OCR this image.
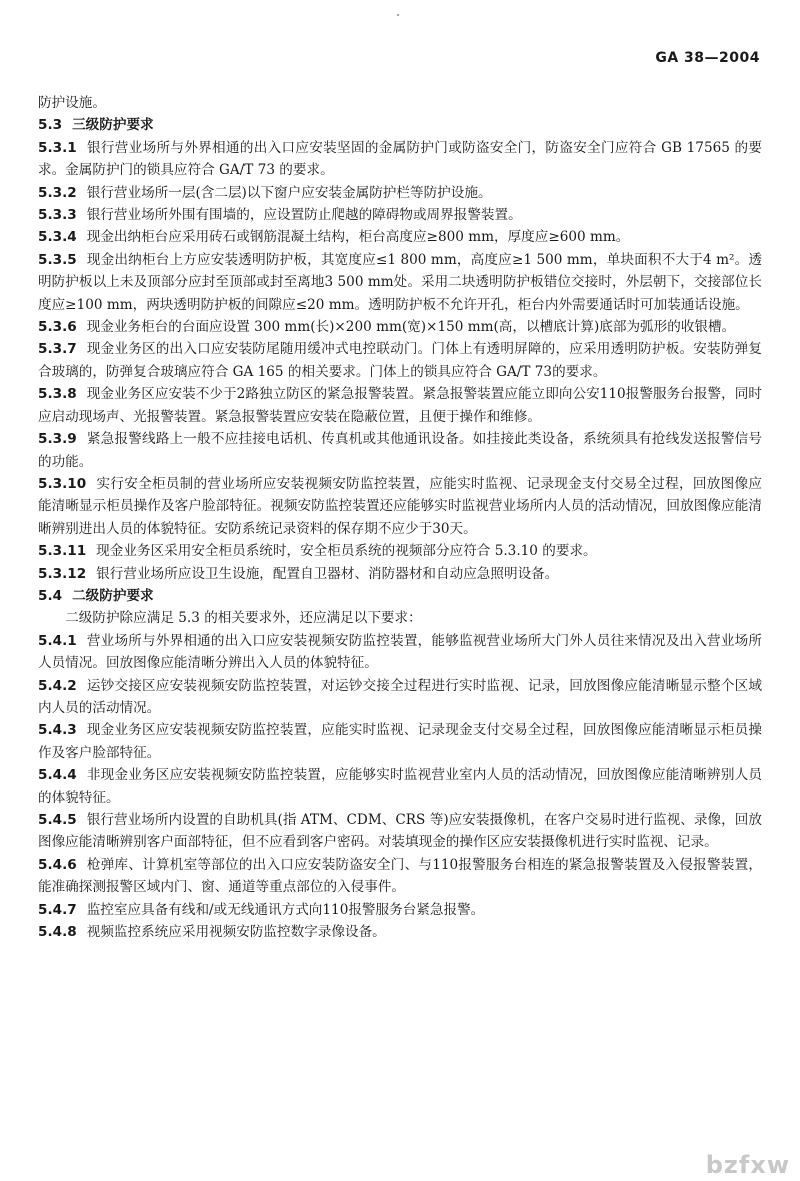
GA 38—2004

防护设施。

5.3 三级防护要求

5.3.1 银行营业场所与外界相通的出入口应安装坚固的金属防护门或防盗安全门，防盗安全门应符合 GB 17565 的要求。金属防护门的锁具应符合 GA/T 73 的要求。

5.3.2 银行营业场所一层(含二层)以下窗户应安装金属防护栏等防护设施。

5.3.3 银行营业场所外围有围墙的，应设置防止爬越的障碍物或周界报警装置。

5.3.4 现金出纳柜台应采用砖石或钢筋混凝土结构，柜台高度应≥800 mm，厚度应≥600 mm。

5.3.5 现金出纳柜台上方应安装透明防护板，其宽度应≤1 800 mm，高度应≥1 500 mm，单块面积不大于4 m²。透明防护板以上未及顶部分应封至顶部或封至离地3 500 mm处。采用二块透明防护板错位交接时，外层朝下，交接部位长度应≥100 mm，两块透明防护板的间隙应≤20 mm。透明防护板不允许开孔，柜台内外需要通话时可加装通话设施。

5.3.6 现金业务柜台的台面应设置 300 mm(长)×200 mm(宽)×150 mm(高，以槽底计算)底部为弧形的收银槽。

5.3.7 现金业务区的出入口应安装防尾随用缓冲式电控联动门。门体上有透明屏障的，应采用透明防护板。安装防弹复合玻璃的，防弹复合玻璃应符合 GA 165 的相关要求。门体上的锁具应符合 GA/T 73的要求。

5.3.8 现金业务区应安装不少于2路独立防区的紧急报警装置。紧急报警装置应能立即向公安110报警服务台报警，同时应启动现场声、光报警装置。紧急报警装置应安装在隐蔽位置，且便于操作和维修。

5.3.9 紧急报警线路上一般不应挂接电话机、传真机或其他通讯设备。如挂接此类设备，系统须具有抢线发送报警信号的功能。

5.3.10 实行安全柜员制的营业场所应安装视频安防监控装置，应能实时监视、记录现金支付交易全过程，回放图像应能清晰显示柜员操作及客户脸部特征。视频安防监控装置还应能够实时监视营业场所内人员的活动情况，回放图像应能清晰辨别进出人员的体貌特征。安防系统记录资料的保存期不应少于30天。

5.3.11 现金业务区采用安全柜员系统时，安全柜员系统的视频部分应符合 5.3.10 的要求。

5.3.12 银行营业场所应设卫生设施，配置自卫器材、消防器材和自动应急照明设备。

5.4 二级防护要求

二级防护除应满足 5.3 的相关要求外，还应满足以下要求：

5.4.1 营业场所与外界相通的出入口应安装视频安防监控装置，能够监视营业场所大门外人员往来情况及出入营业场所人员情况。回放图像应能清晰分辨出入人员的体貌特征。

5.4.2 运钞交接区应安装视频安防监控装置，对运钞交接全过程进行实时监视、记录，回放图像应能清晰显示整个区域内人员的活动情况。

5.4.3 现金业务区应安装视频安防监控装置，应能实时监视、记录现金支付交易全过程，回放图像应能清晰显示柜员操作及客户脸部特征。

5.4.4 非现金业务区应安装视频安防监控装置，应能够实时监视营业室内人员的活动情况，回放图像应能清晰辨别人员的体貌特征。

5.4.5 银行营业场所内设置的自助机具(指 ATM、CDM、CRS 等)应安装摄像机，在客户交易时进行监视、录像，回放图像应能清晰辨别客户面部特征，但不应看到客户密码。对装填现金的操作区应安装摄像机进行实时监视、记录。

5.4.6 枪弹库、计算机室等部位的出入口应安装防盗安全门、与110报警服务台相连的紧急报警装置及入侵报警装置，能准确探测报警区域内门、窗、通道等重点部位的入侵事件。

5.4.7 监控室应具备有线和/或无线通讯方式向110报警服务台紧急报警。

5.4.8 视频监控系统应采用视频安防监控数字录像设备。

bzfxw
